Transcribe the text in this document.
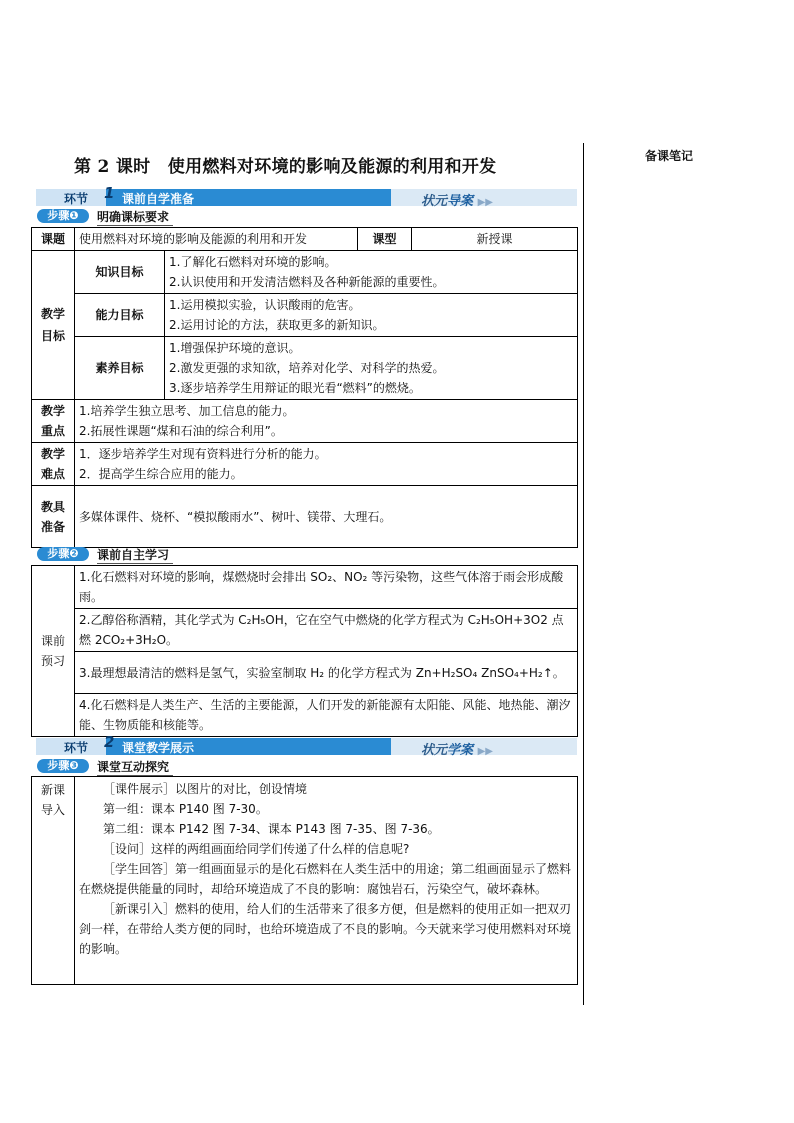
备课笔记
第 2 课时　使用燃料对环境的影响及能源的利用和开发
环节 1 课前自学准备	状元导案 ▶▶
步骤❶	明确课标要求
课题	使用燃料对环境的影响及能源的利用和开发		课型	新授课
教学目标	知识目标	1.了解化石燃料对环境的影响。
2.认识使用和开发清洁燃料及各种新能源的重要性。		

	能力目标	1.运用模拟实验，认识酸雨的危害。
2.运用讨论的方法，获取更多的新知识。		

	素养目标	1.增强保护环境的意识。
2.激发更强的求知欲，培养对化学、对科学的热爱。
3.逐步培养学生用辩证的眼光看“燃料”的燃烧。		

教学重点	1.培养学生独立思考、加工信息的能力。
2.拓展性课题“煤和石油的综合利用”。			

教学难点	1．逐步培养学生对现有资料进行分析的能力。
2．提高学生综合应用的能力。			

教具准备	多媒体课件、烧杯、“模拟酸雨水”、树叶、镁带、大理石。			
步骤❷	课前自主学习
课前预习	1.化石燃料对环境的影响，煤燃烧时会排出 SO₂、NO₂ 等污染物，这些气体溶于雨会形成酸雨。
2.乙醇俗称酒精，其化学式为 C₂H₅OH，它在空气中燃烧的化学方程式为 C₂H₅OH+3O2 点燃 2CO₂+3H₂O。
3.最理想最清洁的燃料是氢气，实验室制取 H₂ 的化学方程式为 Zn+H₂SO₄ ZnSO₄+H₂↑。
4.化石燃料是人类生产、生活的主要能源，人们开发的新能源有太阳能、风能、地热能、潮汐能、生物质能和核能等。
环节 2 课堂教学展示	状元学案 ▶▶
步骤❸	课堂互动探究
新课导入	
［课件展示］以图片的对比，创设情境
第一组：课本 P140 图 7-30。
第二组：课本 P142 图 7-34、课本 P143 图 7-35、图 7-36。
［设问］这样的两组画面给同学们传递了什么样的信息呢?
［学生回答］第一组画面显示的是化石燃料在人类生活中的用途；第二组画面显示了燃料在燃烧提供能量的同时，却给环境造成了不良的影响：腐蚀岩石，污染空气，破坏森林。
［新课引入］燃料的使用，给人们的生活带来了很多方便，但是燃料的使用正如一把双刃剑一样，在带给人类方便的同时，也给环境造成了不良的影响。今天就来学习使用燃料对环境的影响。
